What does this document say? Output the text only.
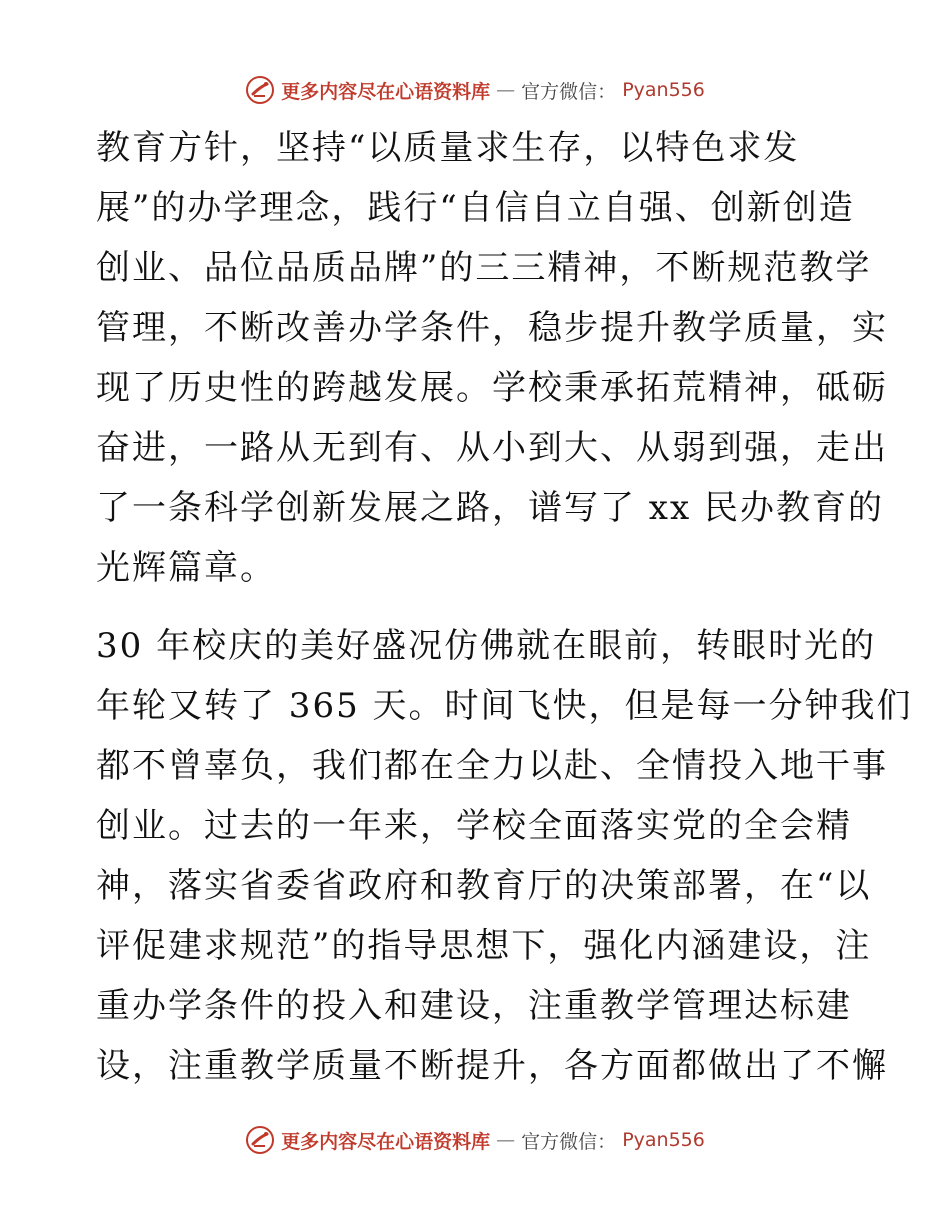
更多内容尽在心语资料库 — 官方微信： Pyan556
教育方针，坚持“以质量求生存，以特色求发
展”的办学理念，践行“自信自立自强、创新创造
创业、品位品质品牌”的三三精神，不断规范教学
管理，不断改善办学条件，稳步提升教学质量，实
现了历史性的跨越发展。学校秉承拓荒精神，砥砺
奋进，一路从无到有、从小到大、从弱到强，走出
了一条科学创新发展之路，谱写了 xx 民办教育的
光辉篇章。
30 年校庆的美好盛况仿佛就在眼前，转眼时光的
年轮又转了 365 天。时间飞快，但是每一分钟我们
都不曾辜负，我们都在全力以赴、全情投入地干事
创业。过去的一年来，学校全面落实党的全会精
神，落实省委省政府和教育厅的决策部署，在“以
评促建求规范”的指导思想下，强化内涵建设，注
重办学条件的投入和建设，注重教学管理达标建
设，注重教学质量不断提升，各方面都做出了不懈
更多内容尽在心语资料库 — 官方微信： Pyan556
